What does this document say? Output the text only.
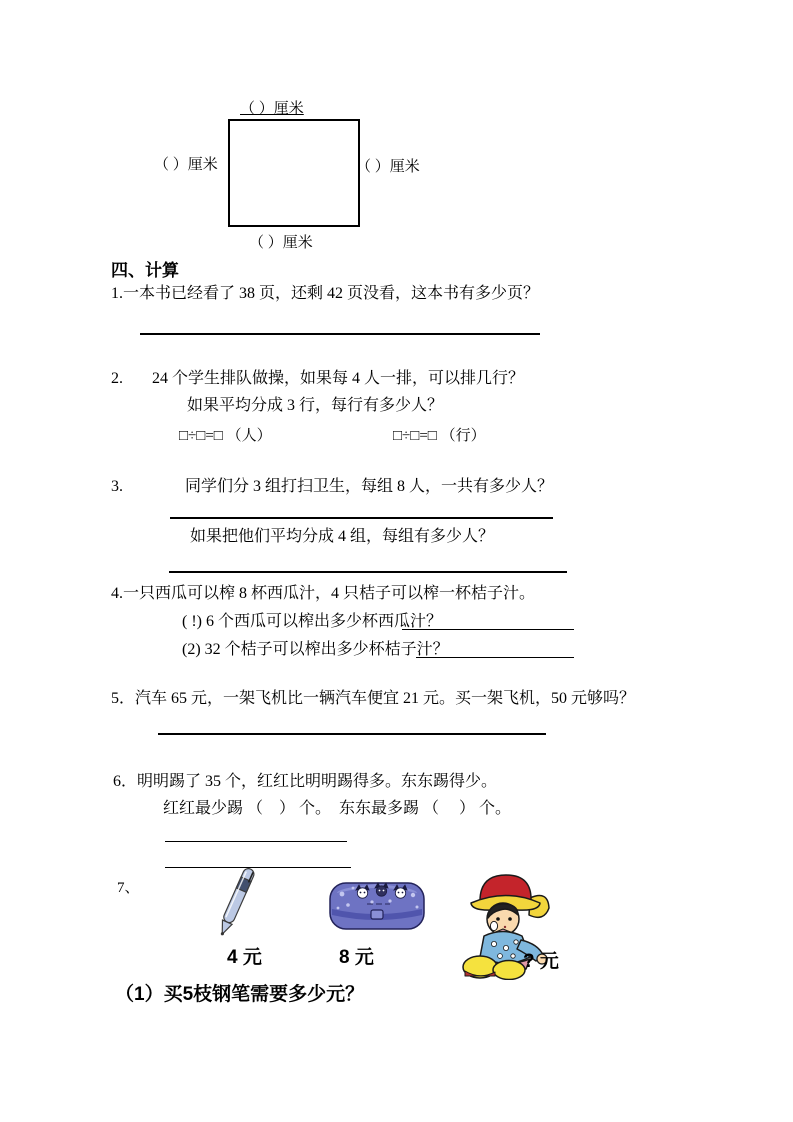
（ ）厘米
（ ）厘米	（ ）厘米
（ ）厘米
四、计算
1.一本书已经看了 38 页，还剩 42 页没看，这本书有多少页？
2. 24 个学生排队做操，如果每 4 人一排，可以排几行？
如果平均分成 3 行，每行有多少人？
□÷□=□ （人）	□÷□=□ （行）
3.	同学们分 3 组打扫卫生，每组 8 人，一共有多少人？
如果把他们平均分成 4 组，每组有多少人？
4.一只西瓜可以榨 8 杯西瓜汁，4 只桔子可以榨一杯桔子汁。
( !) 6 个西瓜可以榨出多少杯西瓜汁？
(2) 32 个桔子可以榨出多少杯桔子汁？
5．汽车 65 元，一架飞机比一辆汽车便宜 21 元。买一架飞机，50 元够吗？
6．明明踢了 35 个，红红比明明踢得多。东东踢得少。
红红最少踢 （    ） 个。  东东最多踢 （     ） 个。
7、
4 元	8 元	? 元
（1）买5枝钢笔需要多少元？
